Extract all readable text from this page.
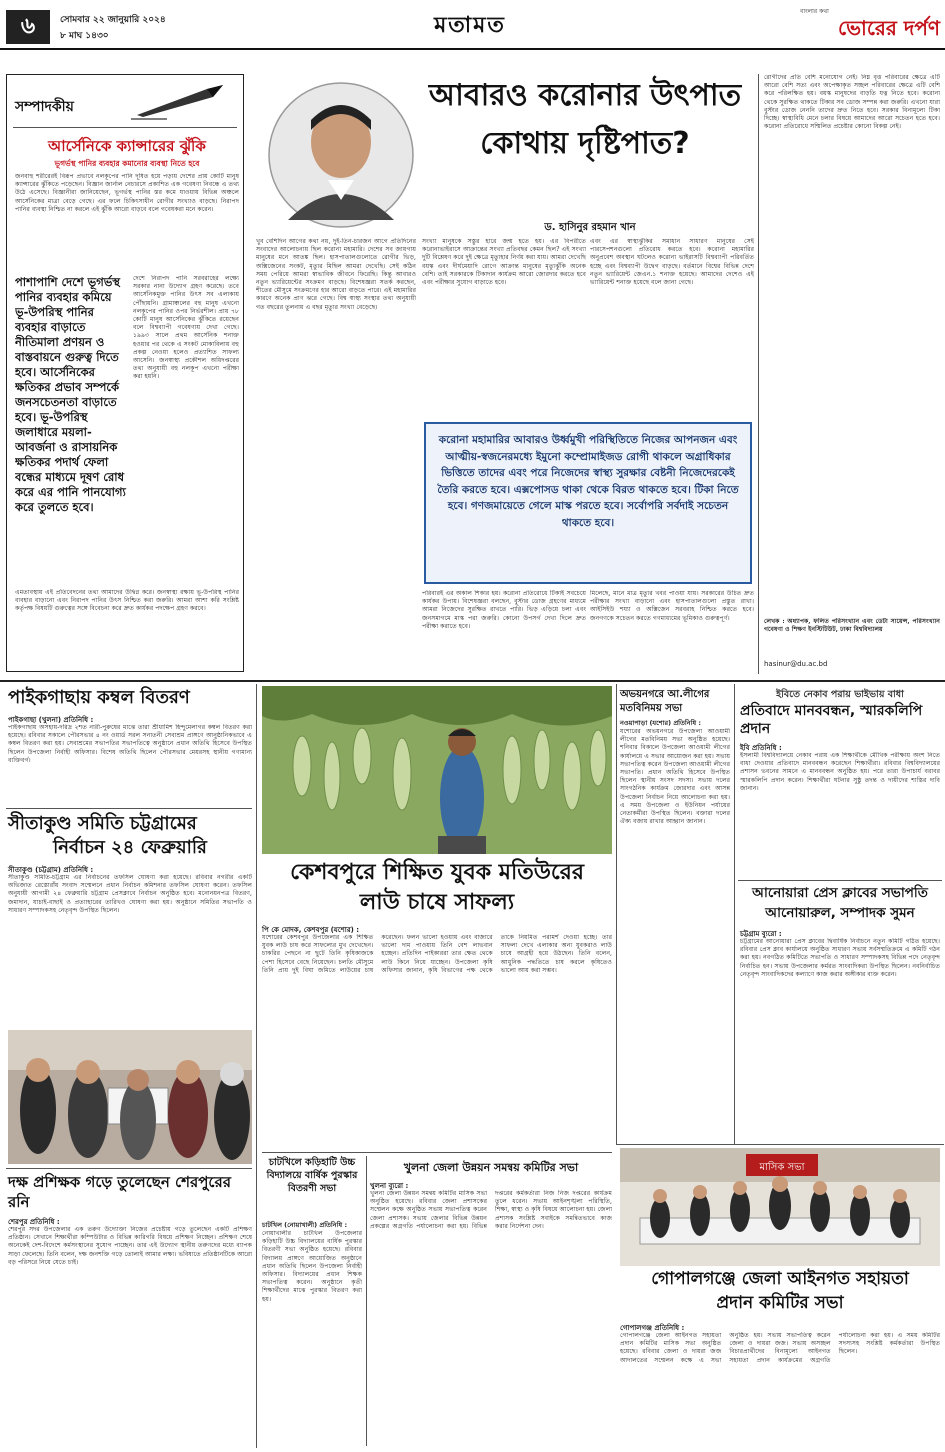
৬	সোমবার ২২ জানুয়ারি ২০২৪
৮ মাঘ ১৪৩০	মতামত
বাংলার কথা
ভোরের দর্পণ
সম্পাদকীয়
আর্সেনিকে ক্যান্সারের ঝুঁকি
ভূগর্ভস্থ পানির ব্যবহার কমানোর ব্যবস্থা নিতে হবে
জনবাহু শরীরেরই বিরূপ প্রভাবে নলকূপের পানি দূষিত হয়ে পড়ায় দেশের প্রায় কোটি মানুষ ক্যান্সারের ঝুঁকিতে পড়েছেন। বিজ্ঞান জার্নাল নেচারসে প্রকাশিত এক গবেষণা নিবন্ধে এ তথ্য উঠে এসেছে। বিজ্ঞানীরা জানিয়েছেন, ভূগর্ভস্থ পানির স্তর কমে যাওয়ায় বিভিন্ন অঞ্চলে আর্সেনিকের মাত্রা বেড়ে গেছে। এর ফলে চিকিৎসাধীন রোগীর সংখ্যাও বাড়ছে। নিরাপদ পানির ব্যবস্থা নিশ্চিত না করলে এই ঝুঁকি আরো বাড়বে বলে গবেষকরা মনে করেন।
পাশাপাশি দেশে ভূগর্ভস্থ পানির ব্যবহার কমিয়ে ভূ-উপরিস্থ পানির ব্যবহার বাড়াতে নীতিমালা প্রণয়ন ও বাস্তবায়নে গুরুত্ব দিতে হবে। আর্সেনিকের ক্ষতিকর প্রভাব সম্পর্কে জনসচেতনতা বাড়াতে হবে। ভূ-উপরিস্থ জলাধারে ময়লা-আবর্জনা ও রাসায়নিক ক্ষতিকর পদার্থ ফেলা বন্ধের মাধ্যমে দূষণ রোধ করে এর পানি পানযোগ্য করে তুলতে হবে।
দেশে নিরাপদ পানি সরবরাহের লক্ষ্যে সরকার নানা উদ্যোগ গ্রহণ করেছে। তবে আর্সেনিকমুক্ত পানির উৎস সব এলাকায় পৌঁছায়নি। গ্রামাঞ্চলের বহু মানুষ এখনো নলকূপের পানির ওপর নির্ভরশীল। প্রায় ৭৮ কোটি মানুষ আর্সেনিকের ঝুঁকিতে রয়েছেন বলে বিশ্বব্যাপী গবেষণায় দেখা গেছে। ১৯৯৩ সালে প্রথম আর্সেনিক শনাক্ত হওয়ার পর থেকে এ সংকট মোকাবিলায় বহু প্রকল্প নেওয়া হলেও প্রত্যাশিত সাফল্য আসেনি। জনস্বাস্থ্য প্রকৌশল অধিদপ্তরের তথ্য অনুযায়ী বহু নলকূপ এখনো পরীক্ষা করা হয়নি।
এমতাবস্থায় এই প্রতিবেদনের তথ্য আমাদের উদ্বিগ্ন করে। জনস্বাস্থ্য রক্ষায় ভূ-উপরিস্থ পানির ব্যবহার বাড়ানো এবং নিরাপদ পানির উৎস নিশ্চিত করা জরুরি। আমরা আশা করি সংশ্লিষ্ট কর্তৃপক্ষ বিষয়টি গুরুত্বের সঙ্গে বিবেচনা করে দ্রুত কার্যকর পদক্ষেপ গ্রহণ করবে।
আবারও করোনার উৎপাত
কোথায় দৃষ্টিপাত?
ড. হাসিনুর রহমান খান
খুব বেশিদিন আগের কথা নয়, দুই-তিন-চারজন আগে প্রতিদিনের সংবাদের আলোচনায় ছিল করোনা মহামারি। দেশের সব জায়গায় মানুষের মনে আতঙ্ক ছিল। হাসপাতালগুলোতে রোগীর ভিড়, অক্সিজেনের সংকট, মৃত্যুর মিছিল আমরা দেখেছি। সেই কঠিন সময় পেরিয়ে আমরা স্বাভাবিক জীবনে ফিরেছি। কিন্তু আবারও নতুন ভ্যারিয়েন্টের সংক্রমণ বাড়ছে। বিশেষজ্ঞরা সতর্ক করছেন, শীতের মৌসুমে সংক্রমণের হার আরো বাড়তে পারে। এই মহামারির কারণে অনেক প্রাণ ঝরে গেছে। বিশ্ব স্বাস্থ্য সংস্থার তথ্য অনুযায়ী গত বছরের তুলনায় এ বছর মৃত্যুর সংখ্যা বেড়েছে।
সংখ্যা মানুষকে সস্তুর হারে জন্ম হতে হয়। এর বিপরীতে করোনাভাইরাসে আক্রান্তের সংখ্যা প্রতিবছর কেমন ছিল? এই সংখ্যা দুটি বিশ্লেষণ করে দুই ক্ষেত্রে মৃত্যুহার নির্ণয় করা যায়। আমরা দেখেছি বয়স্ক এবং দীর্ঘমেয়াদি রোগে আক্রান্ত মানুষের মৃত্যুঝুঁকি অনেক বেশি। তাই সরকারকে টিকাদান কার্যক্রম আরো জোরদার করতে হবে এবং পরীক্ষার সুযোগ বাড়াতে হবে।
এবং এর স্বাস্থ্যঝুঁকির সমাধান সাধারণ মানুষের সেই পারসেপশনগুলো প্রতিরোধ করতে হবে। করোনা মহামারির অনুপ্রবেশ অবস্থান ঘটলেও করোনা ভাইরাসটি বিশ্বব্যাপী পরিবর্তিত হচ্ছে এবং বিশ্বব্যাপী উদ্বেগ বাড়ছে। বর্তমানে বিশ্বের বিভিন্ন দেশে নতুন ভ্যারিয়েন্ট জেএন.১ শনাক্ত হয়েছে। আমাদের দেশেও এই ভ্যারিয়েন্ট শনাক্ত হয়েছে বলে জানা গেছে।
করোনা মহামারির আবারও উর্ধ্বমুখী পরিস্থিতিতে নিজের আপনজন এবং আত্মীয়-স্বজনেরমধ্যে ইমুনো কম্প্রোমাইজড রোগী থাকলে অগ্রাধিকার ভিত্তিতে তাদের এবং পরে নিজেদের স্বাস্থ্য সুরক্ষার বেষ্টনী নিজেদেরকেই তৈরি করতে হবে। এক্সপোসড থাকা থেকে বিরত থাকতে হবে। টিকা নিতে হবে। গণজমায়েতে গেলে মাস্ক পরতে হবে। সর্বোপরি সর্বদাই সচেতন থাকতে হবে।
পরিবারই এর অকাল শিকার হয়। করোনা প্রতিরোধে টিকাই সবচেয়ে কার্যকর উপায়। বিশেষজ্ঞরা বলছেন, বুস্টার ডোজ গ্রহণের মাধ্যমে আমরা নিজেদের সুরক্ষিত রাখতে পারি। ভিড় এড়িয়ে চলা এবং জনসমাগমে মাস্ক পরা জরুরি। কোনো উপসর্গ দেখা দিলে দ্রুত পরীক্ষা করাতে হবে।
মিলেছে, মানে মাত্র মৃত্যুর খবর পাওয়া যায়। সরকারের উচিত দ্রুত পরীক্ষার সংখ্যা বাড়ানো এবং হাসপাতালগুলো প্রস্তুত রাখা। আইসিইউ শয্যা ও অক্সিজেন সরবরাহ নিশ্চিত করতে হবে। জনগণকে সচেতন করতে গণমাধ্যমের ভূমিকাও গুরুত্বপূর্ণ।
রোগীদের প্রতি বেশি মনোযোগ নেই। নিম্ন বৃত্ত পরিবারের ক্ষেত্রে এটি আরো বেশি সত্য এবং অপেক্ষাকৃত সচ্ছল পরিবারের ক্ষেত্রে এটি বেশি করে পরিলক্ষিত হয়। বয়স্ক মানুষদের বাড়তি যত্ন নিতে হবে। করোনা থেকে সুরক্ষিত থাকতে টিকার সব ডোজ সম্পন্ন করা জরুরি। এখনো যারা বুস্টার ডোজ নেননি তাদের দ্রুত নিতে হবে। সরকার বিনামূল্যে টিকা দিচ্ছে। স্বাস্থ্যবিধি মেনে চলার বিষয়ে আমাদের আরো সচেতন হতে হবে। করোনা প্রতিরোধে সম্মিলিত প্রচেষ্টার কোনো বিকল্প নেই।
লেখক : অধ্যাপক, ফলিত পরিসংখ্যান এবং ডেটা সায়েন্স, পরিসংখ্যান গবেষণা ও শিক্ষণ ইনস্টিটিউট, ঢাকা বিশ্ববিদ্যালয়
hasinur@du.ac.bd
পাইকগাছায় কম্বল বিতরণ
পাইকগাছা (খুলনা) প্রতিনিধি :
পাইকগাছায় অসহায়-দরিদ্র ২শত নারী-পুরুষের মাঝে তারা শ্রীধামিশ হিন্দুমেলাগর কম্বল বিতরণ করা হয়েছে। রবিবার সকালে পৌরসভার ৪ নং ওয়ার্ড সরল সনাতনী সেবাশ্রম প্রাঙ্গণে আনুষ্ঠানিকভাবে এ কম্বল বিতরণ করা হয়। সেবাশ্রমের সভাপতির সভাপতিত্বে অনুষ্ঠানে প্রধান অতিথি হিসেবে উপস্থিত ছিলেন উপজেলা নির্বাহী অফিসার। বিশেষ অতিথি ছিলেন পৌরসভার মেয়রসহ স্থানীয় গণ্যমান্য ব্যক্তিবর্গ।
সীতাকুণ্ড সমিতি চট্টগ্রামের
নির্বাচন ২৪ ফেব্রুয়ারি
সীতাকুণ্ড (চট্টগ্রাম) প্রতিনিধি :
সীতাকুণ্ড সমিতি-চট্টগ্রাম এর নির্বাচনের তফসিল ঘোষণা করা হয়েছে। রবিবার নগরীর একটি অভিজাত রেস্তোরাঁয় সংবাদ সম্মেলনে প্রধান নির্বাচন কমিশনার তফসিল ঘোষণা করেন। তফসিল অনুযায়ী আগামী ২৪ ফেব্রুয়ারি চট্টগ্রাম প্রেসক্লাবে নির্বাচন অনুষ্ঠিত হবে। মনোনয়নপত্র বিতরণ, জমাদান, যাচাই-বাছাই ও প্রত্যাহারের তারিখও ঘোষণা করা হয়। অনুষ্ঠানে সমিতির সভাপতি ও সাধারণ সম্পাদকসহ নেতৃবৃন্দ উপস্থিত ছিলেন।
দক্ষ প্রশিক্ষক গড়ে তুলেছেন শেরপুরের রনি
শেরপুর প্রতিনিধি :
শেরপুর সদর উপজেলার এক তরুণ উদ্যোক্তা নিজের প্রচেষ্টায় গড়ে তুলেছেন একটি প্রশিক্ষণ প্রতিষ্ঠান। সেখানে শিক্ষার্থীরা কম্পিউটার ও বিভিন্ন কারিগরি বিষয়ে প্রশিক্ষণ নিচ্ছেন। প্রশিক্ষণ শেষে অনেকেই দেশ-বিদেশে কর্মসংস্থানের সুযোগ পাচ্ছেন। তার এই উদ্যোগ স্থানীয় তরুণদের মধ্যে ব্যাপক সাড়া ফেলেছে। তিনি বলেন, দক্ষ জনশক্তি গড়ে তোলাই আমার লক্ষ্য। ভবিষ্যতে প্রতিষ্ঠানটিকে আরো বড় পরিসরে নিয়ে যেতে চাই।
কেশবপুরে শিক্ষিত যুবক মতিউরের
লাউ চাষে সাফল্য
পি কে মোদক, কেশবপুর (যশোর) :
যশোরের কেশবপুর উপজেলার এক শিক্ষিত যুবক লাউ চাষ করে সাফল্যের মুখ দেখেছেন। চাকরির পেছনে না ছুটে তিনি কৃষিকাজকে পেশা হিসেবে বেছে নিয়েছেন। চলতি মৌসুমে তিনি প্রায় দুই বিঘা জমিতে লাউয়ের চাষ করেছেন। ফলন ভালো হওয়ায় এবং বাজারে ভালো দাম পাওয়ায় তিনি বেশ লাভবান হচ্ছেন। প্রতিদিন পাইকাররা তার ক্ষেত থেকে লাউ কিনে নিয়ে যাচ্ছেন। উপজেলা কৃষি অফিসার জানান, কৃষি বিভাগের পক্ষ থেকে তাকে নিয়মিত পরামর্শ দেওয়া হচ্ছে। তার সাফল্য দেখে এলাকার অন্য যুবকরাও লাউ চাষে আগ্রহী হয়ে উঠছেন। তিনি বলেন, আধুনিক পদ্ধতিতে চাষ করলে কৃষিতেও ভালো আয় করা সম্ভব।
চাটখিলে কড়িহাটি উচ্চ বিদ্যালয়ে বার্ষিক পুরস্কার বিতরণী সভা
চাটখিল (নোয়াখালী) প্রতিনিধি :
নোয়াখালীর চাটখিল উপজেলার কড়িহাটি উচ্চ বিদ্যালয়ের বার্ষিক পুরস্কার বিতরণী সভা অনুষ্ঠিত হয়েছে। রবিবার বিদ্যালয় প্রাঙ্গণে আয়োজিত অনুষ্ঠানে প্রধান অতিথি ছিলেন উপজেলা নির্বাহী অফিসার। বিদ্যালয়ের প্রধান শিক্ষক সভাপতিত্ব করেন। অনুষ্ঠানে কৃতী শিক্ষার্থীদের মাঝে পুরস্কার বিতরণ করা হয়।
খুলনা জেলা উন্নয়ন সমন্বয় কমিটির সভা
খুলনা ব্যুরো :
খুলনা জেলা উন্নয়ন সমন্বয় কমিটির মাসিক সভা অনুষ্ঠিত হয়েছে। রবিবার জেলা প্রশাসকের সম্মেলন কক্ষে অনুষ্ঠিত সভায় সভাপতিত্ব করেন জেলা প্রশাসক। সভায় জেলার বিভিন্ন উন্নয়ন প্রকল্পের অগ্রগতি পর্যালোচনা করা হয়। বিভিন্ন দপ্তরের কর্মকর্তারা নিজ নিজ দপ্তরের কার্যক্রম তুলে ধরেন। সভায় আইনশৃঙ্খলা পরিস্থিতি, শিক্ষা, স্বাস্থ্য ও কৃষি বিষয়ে আলোচনা হয়। জেলা প্রশাসক সংশ্লিষ্ট সবাইকে সমন্বিতভাবে কাজ করার নির্দেশনা দেন।
অভয়নগরে আ.লীগের
মতবিনিময় সভা
নওয়াপাড়া (যশোর) প্রতিনিধি :
যশোরের অভয়নগরে উপজেলা আওয়ামী লীগের মতবিনিময় সভা অনুষ্ঠিত হয়েছে। শনিবার বিকালে উপজেলা আওয়ামী লীগের কার্যালয়ে এ সভার আয়োজন করা হয়। সভায় সভাপতিত্ব করেন উপজেলা আওয়ামী লীগের সভাপতি। প্রধান অতিথি হিসেবে উপস্থিত ছিলেন স্থানীয় সংসদ সদস্য। সভায় দলের সাংগঠনিক কার্যক্রম জোরদার এবং আসন্ন উপজেলা নির্বাচন নিয়ে আলোচনা করা হয়। এ সময় উপজেলা ও ইউনিয়ন পর্যায়ের নেতাকর্মীরা উপস্থিত ছিলেন। বক্তারা দলের ঐক্য বজায় রাখার আহ্বান জানান।
ইবিতে নেকাব পরায় ভাইভায় বাধা
প্রতিবাদে মানববন্ধন, স্মারকলিপি প্রদান
ইবি প্রতিনিধি :
ইসলামী বিশ্ববিদ্যালয়ে নেকাব পরায় এক শিক্ষার্থীকে মৌখিক পরীক্ষায় অংশ নিতে বাধা দেওয়ার প্রতিবাদে মানববন্ধন করেছেন শিক্ষার্থীরা। রবিবার বিশ্ববিদ্যালয়ের প্রশাসন ভবনের সামনে এ মানববন্ধন অনুষ্ঠিত হয়। পরে তারা উপাচার্য বরাবর স্মারকলিপি প্রদান করেন। শিক্ষার্থীরা ঘটনার সুষ্ঠু তদন্ত ও দায়ীদের শাস্তির দাবি জানান।
আনোয়ারা প্রেস ক্লাবের সভাপতি
আনোয়ারুল, সম্পাদক সুমন
চট্টগ্রাম ব্যুরো :
চট্টগ্রামের আনোয়ারা প্রেস ক্লাবের দ্বিবার্ষিক নির্বাচনে নতুন কমিটি গঠিত হয়েছে। রবিবার প্রেস ক্লাব কার্যালয়ে অনুষ্ঠিত সাধারণ সভায় সর্বসম্মতিক্রমে এ কমিটি গঠন করা হয়। নবগঠিত কমিটিতে সভাপতি ও সাধারণ সম্পাদকসহ বিভিন্ন পদে নেতৃবৃন্দ নির্বাচিত হন। সভায় উপজেলার কর্মরত সাংবাদিকরা উপস্থিত ছিলেন। নবনির্বাচিত নেতৃবৃন্দ সাংবাদিকদের কল্যাণে কাজ করার অঙ্গীকার ব্যক্ত করেন।
মাসিক সভা
গোপালগঞ্জে জেলা আইনগত সহায়তা
প্রদান কমিটির সভা
গোপালগঞ্জ প্রতিনিধি :
গোপালগঞ্জে জেলা আইনগত সহায়তা প্রদান কমিটির মাসিক সভা অনুষ্ঠিত হয়েছে। রবিবার জেলা ও দায়রা জজ আদালতের সম্মেলন কক্ষে এ সভা অনুষ্ঠিত হয়। সভায় সভাপতিত্ব করেন জেলা ও দায়রা জজ। সভায় অসচ্ছল বিচারপ্রার্থীদের বিনামূল্যে আইনগত সহায়তা প্রদান কার্যক্রমের অগ্রগতি পর্যালোচনা করা হয়। এ সময় কমিটির সদস্যসহ সংশ্লিষ্ট কর্মকর্তারা উপস্থিত ছিলেন।
